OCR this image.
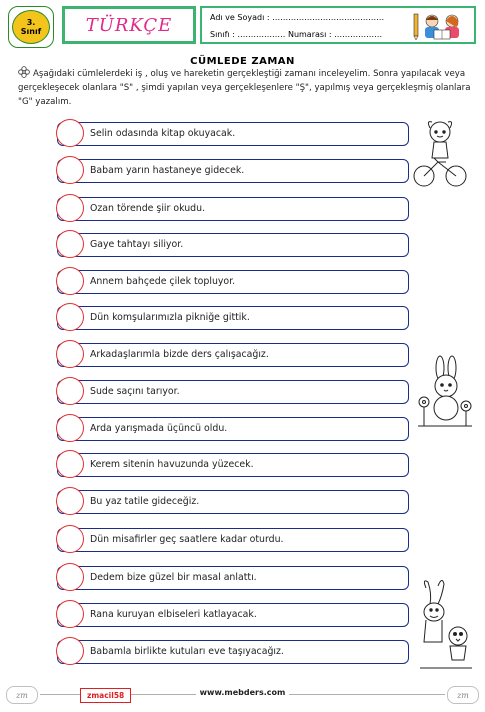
3.
Sınıf TÜRKÇE	Adı ve Soyadı : ……………………………………
Sınıfı : ……………… Numarası : ………………
CÜMLEDE ZAMAN
Aşağıdaki cümlelerdeki iş , oluş ve hareketin gerçekleştiği zamanı inceleyelim. Sonra yapılacak veya gerçekleşecek olanlara "S" , şimdi yapılan veya gerçekleşenlere "Ş", yapılmış veya gerçekleşmiş olanlara "G" yazalım.
Selin odasında kitap okuyacak.
Babam yarın hastaneye gidecek.
Ozan törende şiir okudu.
Gaye tahtayı siliyor.
Annem bahçede çilek topluyor.
Dün komşularımızla pikniğe gittik.
Arkadaşlarımla bizde ders çalışacağız.
Sude saçını tarıyor.
Arda yarışmada üçüncü oldu.
Kerem sitenin havuzunda yüzecek.
Bu yaz tatile gideceğiz.
Dün misafirler geç saatlere kadar oturdu.
Dedem bize güzel bir masal anlattı.
Rana kuruyan elbiseleri katlayacak.
Babamla birlikte kutuları eve taşıyacağız.
zm	zmacil58	www.mebders.com	zm
